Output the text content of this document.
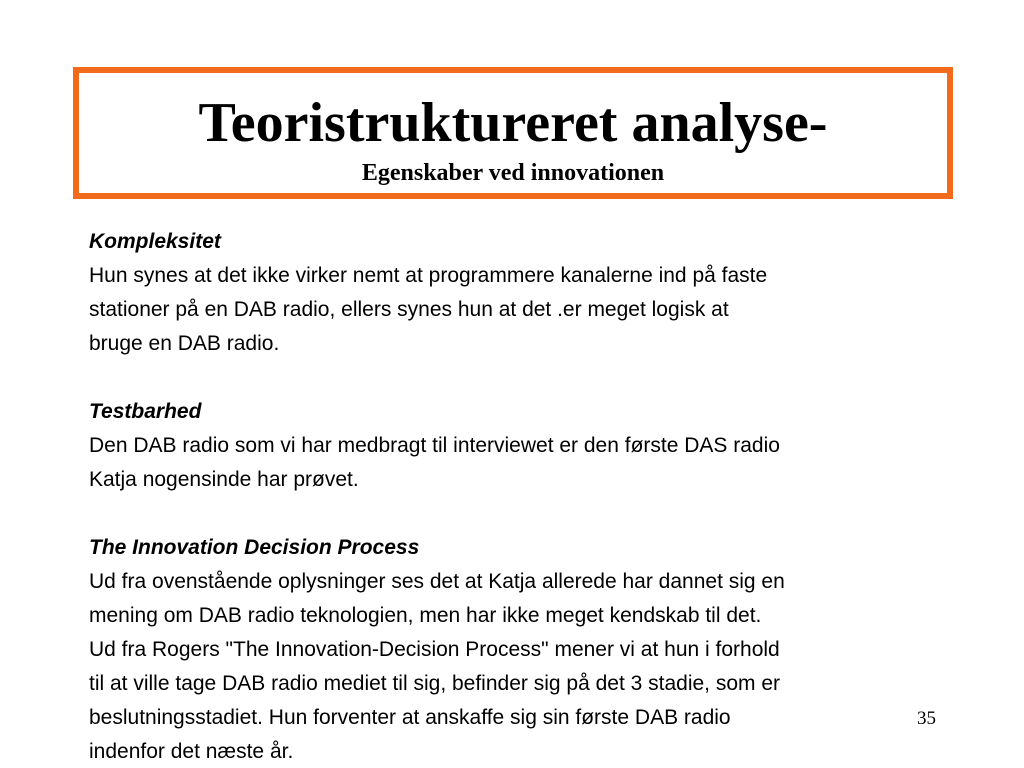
Teoristruktureret analyse-
Egenskaber ved innovationen
Kompleksitet
Hun synes at det ikke virker nemt at programmere kanalerne ind på faste
stationer på en DAB radio, ellers synes hun at det .er meget logisk at
bruge en DAB radio.
Testbarhed
Den DAB radio som vi har medbragt til interviewet er den første DAS radio
Katja nogensinde har prøvet.
The Innovation Decision Process
Ud fra ovenstående oplysninger ses det at Katja allerede har dannet sig en
mening om DAB radio teknologien, men har ikke meget kendskab til det.
Ud fra Rogers "The Innovation-Decision Process" mener vi at hun i forhold
til at ville tage DAB radio mediet til sig, befinder sig på det 3 stadie, som er
beslutningsstadiet. Hun forventer at anskaffe sig sin første DAB radio
indenfor det næste år.
35
